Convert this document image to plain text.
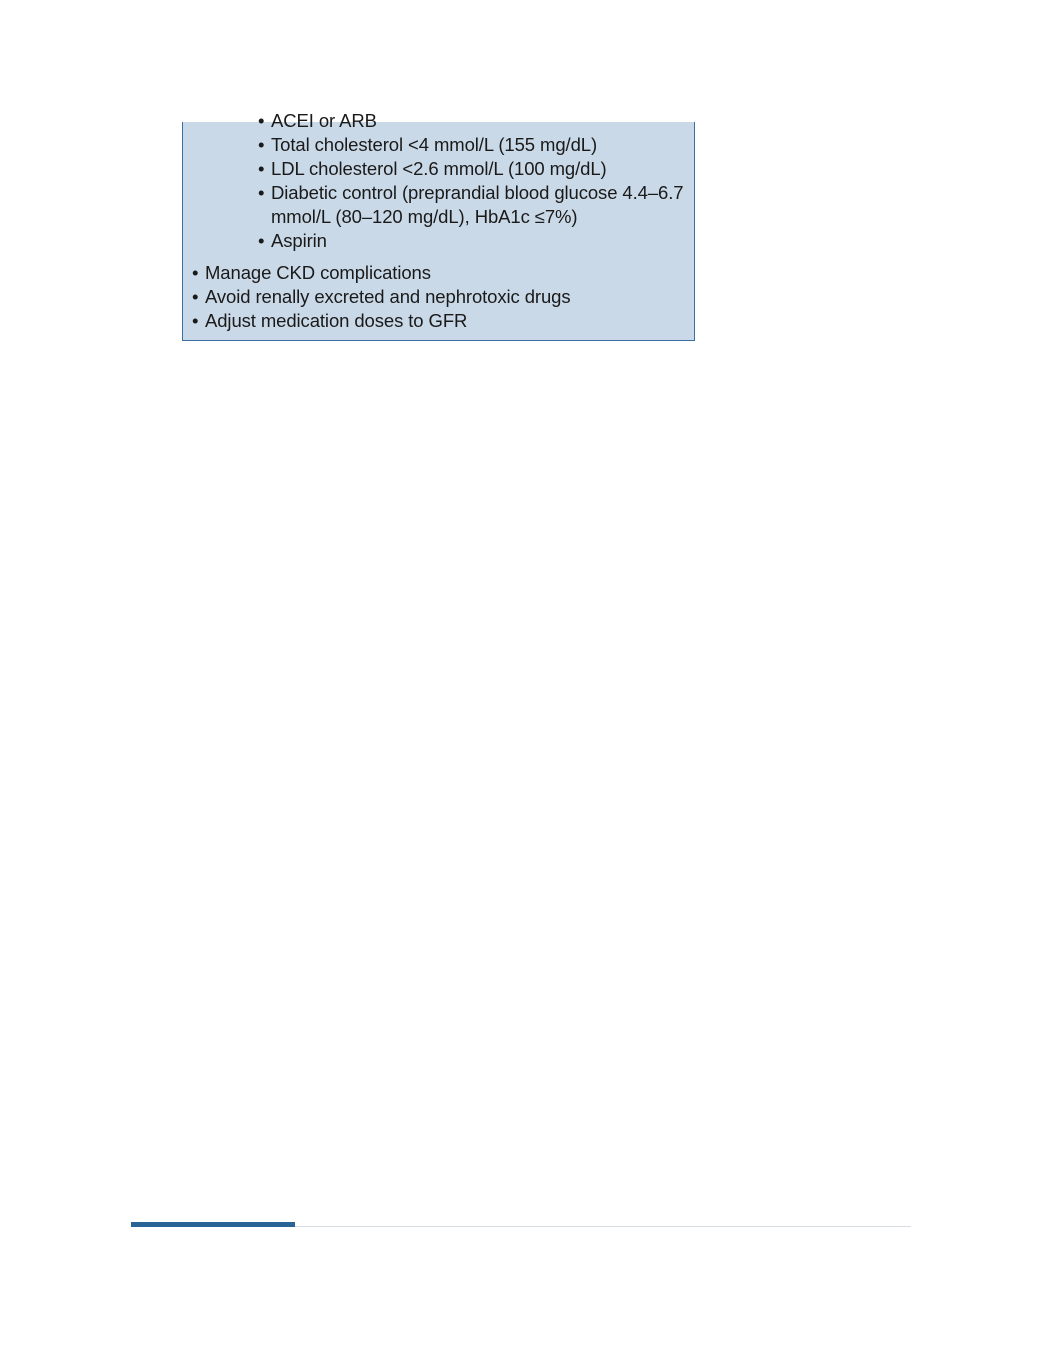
• ACEI or ARB
• Total cholesterol <4 mmol/L (155 mg/dL)
• LDL cholesterol <2.6 mmol/L (100 mg/dL)
• Diabetic control (preprandial blood glucose 4.4–6.7 mmol/L (80–120 mg/dL), HbA1c ≤7%)
• Aspirin
• Manage CKD complications
• Avoid renally excreted and nephrotoxic drugs
• Adjust medication doses to GFR
